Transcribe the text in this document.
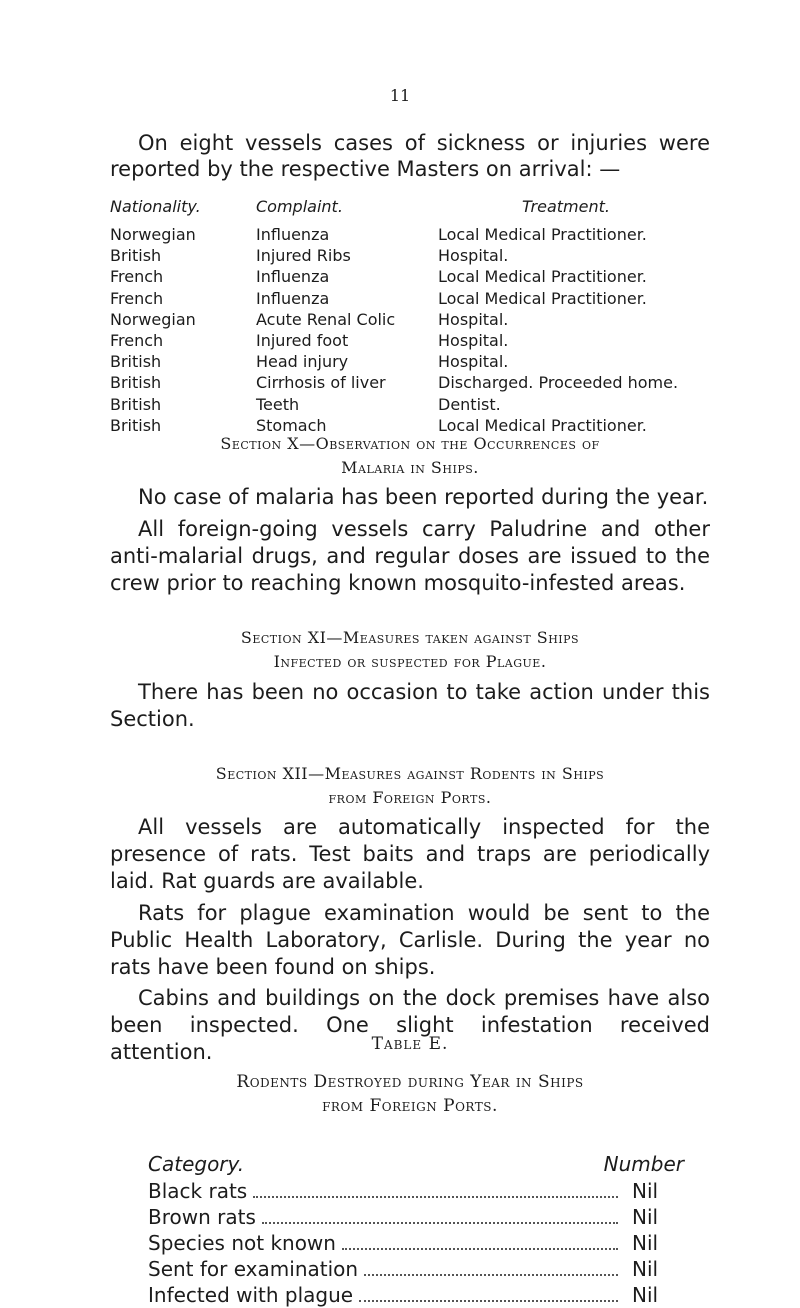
11
On eight vessels cases of sickness or injuries were
reported by the respective Masters on arrival: —
Nationality.	Complaint.	Treatment.
Norwegian	Influenza	Local Medical Practitioner.
British	Injured Ribs	Hospital.
French	Influenza	Local Medical Practitioner.
French	Influenza	Local Medical Practitioner.
Norwegian	Acute Renal Colic	Hospital.
French	Injured foot	Hospital.
British	Head injury	Hospital.
British	Cirrhosis of liver	Discharged. Proceeded home.
British	Teeth	Dentist.
British	Stomach	Local Medical Practitioner.
Section X—Observation on the Occurrences of
Malaria in Ships.
No case of malaria has been reported during the year.
All foreign-going vessels carry Paludrine and other anti-malarial drugs, and regular doses are issued to the crew prior to reaching known mosquito-infested areas.
Section XI—Measures taken against Ships
Infected or suspected for Plague.
There has been no occasion to take action under this Section.
Section XII—Measures against Rodents in Ships
from Foreign Ports.
All vessels are automatically inspected for the presence of rats. Test baits and traps are periodically laid. Rat guards are available.
Rats for plague examination would be sent to the Public Health Laboratory, Carlisle. During the year no rats have been found on ships.
Cabins and buildings on the dock premises have also been inspected. One slight infestation received attention.	Table E.
Rodents Destroyed during Year in Ships
from Foreign Ports.
Category.	Number
Black rats	Nil
Brown rats	Nil
Species not known	Nil
Sent for examination	Nil
Infected with plague	Nil
